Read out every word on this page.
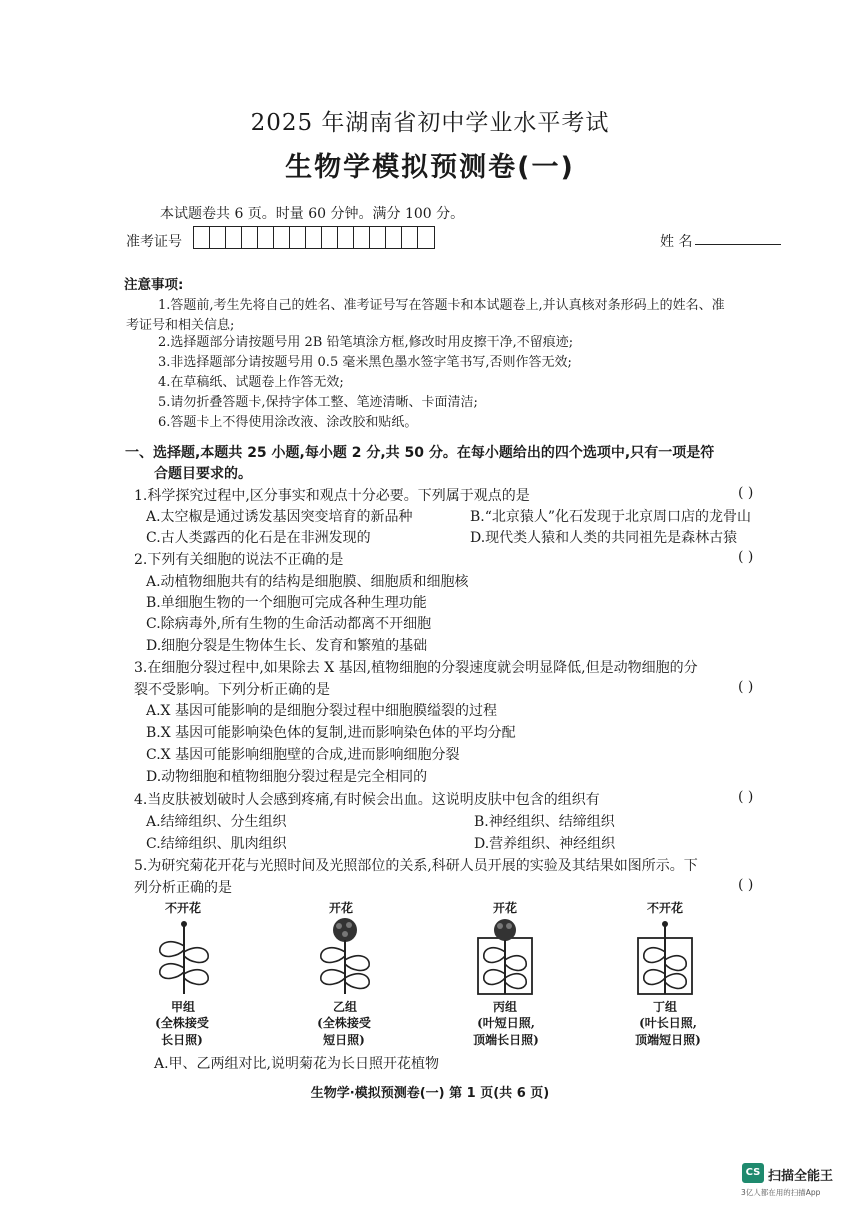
2025 年湖南省初中学业水平考试
生物学模拟预测卷(一)
本试题卷共 6 页。时量 60 分钟。满分 100 分。
准考证号	姓 名
注意事项:
1.答题前,考生先将自己的姓名、准考证号写在答题卡和本试题卷上,并认真核对条形码上的姓名、准
考证号和相关信息;
2.选择题部分请按题号用 2B 铅笔填涂方框,修改时用皮擦干净,不留痕迹;
3.非选择题部分请按题号用 0.5 毫米黑色墨水签字笔书写,否则作答无效;
4.在草稿纸、试题卷上作答无效;
5.请勿折叠答题卡,保持字体工整、笔迹清晰、卡面清洁;
6.答题卡上不得使用涂改液、涂改胶和贴纸。
一、选择题,本题共 25 小题,每小题 2 分,共 50 分。在每小题给出的四个选项中,只有一项是符
合题目要求的。
1.科学探究过程中,区分事实和观点十分必要。下列属于观点的是	( )
A.太空椒是通过诱发基因突变培育的新品种	B.“北京猿人”化石发现于北京周口店的龙骨山
C.古人类露西的化石是在非洲发现的	D.现代类人猿和人类的共同祖先是森林古猿
2.下列有关细胞的说法不正确的是	( )
A.动植物细胞共有的结构是细胞膜、细胞质和细胞核
B.单细胞生物的一个细胞可完成各种生理功能
C.除病毒外,所有生物的生命活动都离不开细胞
D.细胞分裂是生物体生长、发育和繁殖的基础
3.在细胞分裂过程中,如果除去 X 基因,植物细胞的分裂速度就会明显降低,但是动物细胞的分
裂不受影响。下列分析正确的是	( )
A.X 基因可能影响的是细胞分裂过程中细胞膜缢裂的过程
B.X 基因可能影响染色体的复制,进而影响染色体的平均分配
C.X 基因可能影响细胞壁的合成,进而影响细胞分裂
D.动物细胞和植物细胞分裂过程是完全相同的
4.当皮肤被划破时人会感到疼痛,有时候会出血。这说明皮肤中包含的组织有	( )
A.结缔组织、分生组织	B.神经组织、结缔组织
C.结缔组织、肌肉组织	D.营养组织、神经组织
5.为研究菊花开花与光照时间及光照部位的关系,科研人员开展的实验及其结果如图所示。下
列分析正确的是	( )
不开花	开花	开花	不开花
甲组	乙组	丙组	丁组
(全株接受
长日照)
(全株接受
短日照)
(叶短日照,
顶端长日照)
(叶长日照,
顶端短日照)
A.甲、乙两组对比,说明菊花为长日照开花植物
生物学·模拟预测卷(一) 第 1 页(共 6 页)
CS 扫描全能王
3亿人都在用的扫描App
